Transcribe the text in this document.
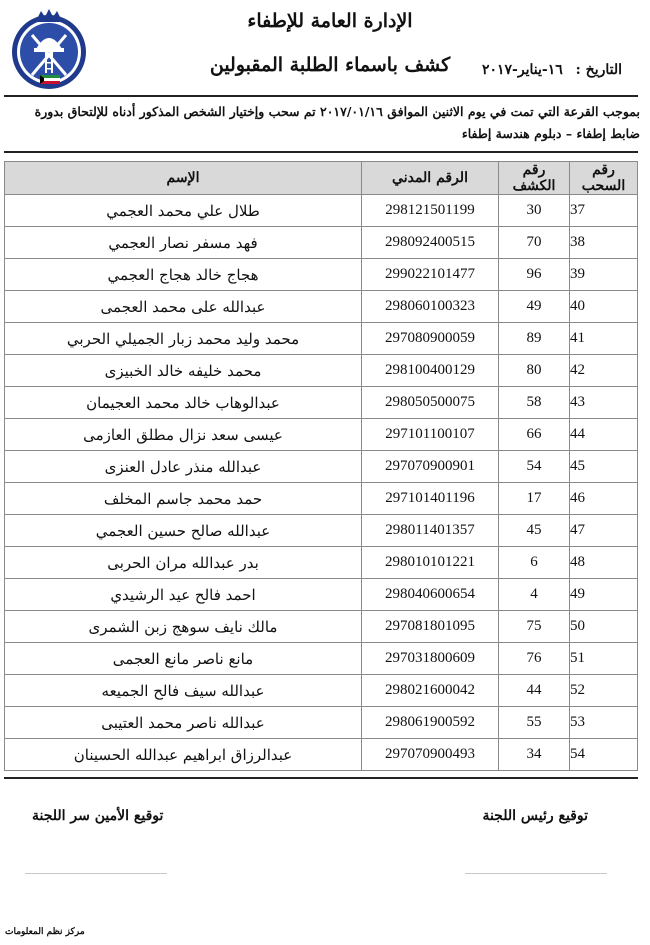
الإدارة العامة للإطفاء
كشف باسماء الطلبة المقبولين	التاريخ : ١٦-يناير-٢٠١٧
بموجب القرعة التي تمت في يوم الاثنين الموافق ٢٠١٧/٠١/١٦ تم سحب وإختيار الشخص المذكور أدناه للإلتحاق بدورة
ضابط إطفاء – دبلوم هندسة إطفاء
رقم السحب	رقم الكشف	الرقم المدني	الإسم
37	30	298121501199	طلال علي محمد العجمي
38	70	298092400515	فهد مسفر نصار العجمي
39	96	299022101477	هجاج خالد هجاج العجمي
40	49	298060100323	عبدالله على محمد العجمى
41	89	297080900059	محمد وليد محمد زبار الجميلي الحربي
42	80	298100400129	محمد خليفه خالد الخبيزى
43	58	298050500075	عبدالوهاب خالد محمد العجيمان
44	66	297101100107	عيسى سعد نزال مطلق العازمى
45	54	297070900901	عبدالله منذر عادل العنزى
46	17	297101401196	حمد محمد جاسم المخلف
47	45	298011401357	عبدالله صالح حسين العجمي
48	6	298010101221	بدر عبدالله مران الحربى
49	4	298040600654	احمد فالح عيد الرشيدي
50	75	297081801095	مالك نايف سوهج زبن الشمرى
51	76	297031800609	مانع ناصر مانع العجمى
52	44	298021600042	عبدالله سيف فالح الجميعه
53	55	298061900592	عبدالله ناصر محمد العتيبى
54	34	297070900493	عبدالرزاق ابراهيم عبدالله الحسينان
توقيع رئيس اللجنة
توقيع الأمين سر اللجنة
مركز نظم المعلومات
